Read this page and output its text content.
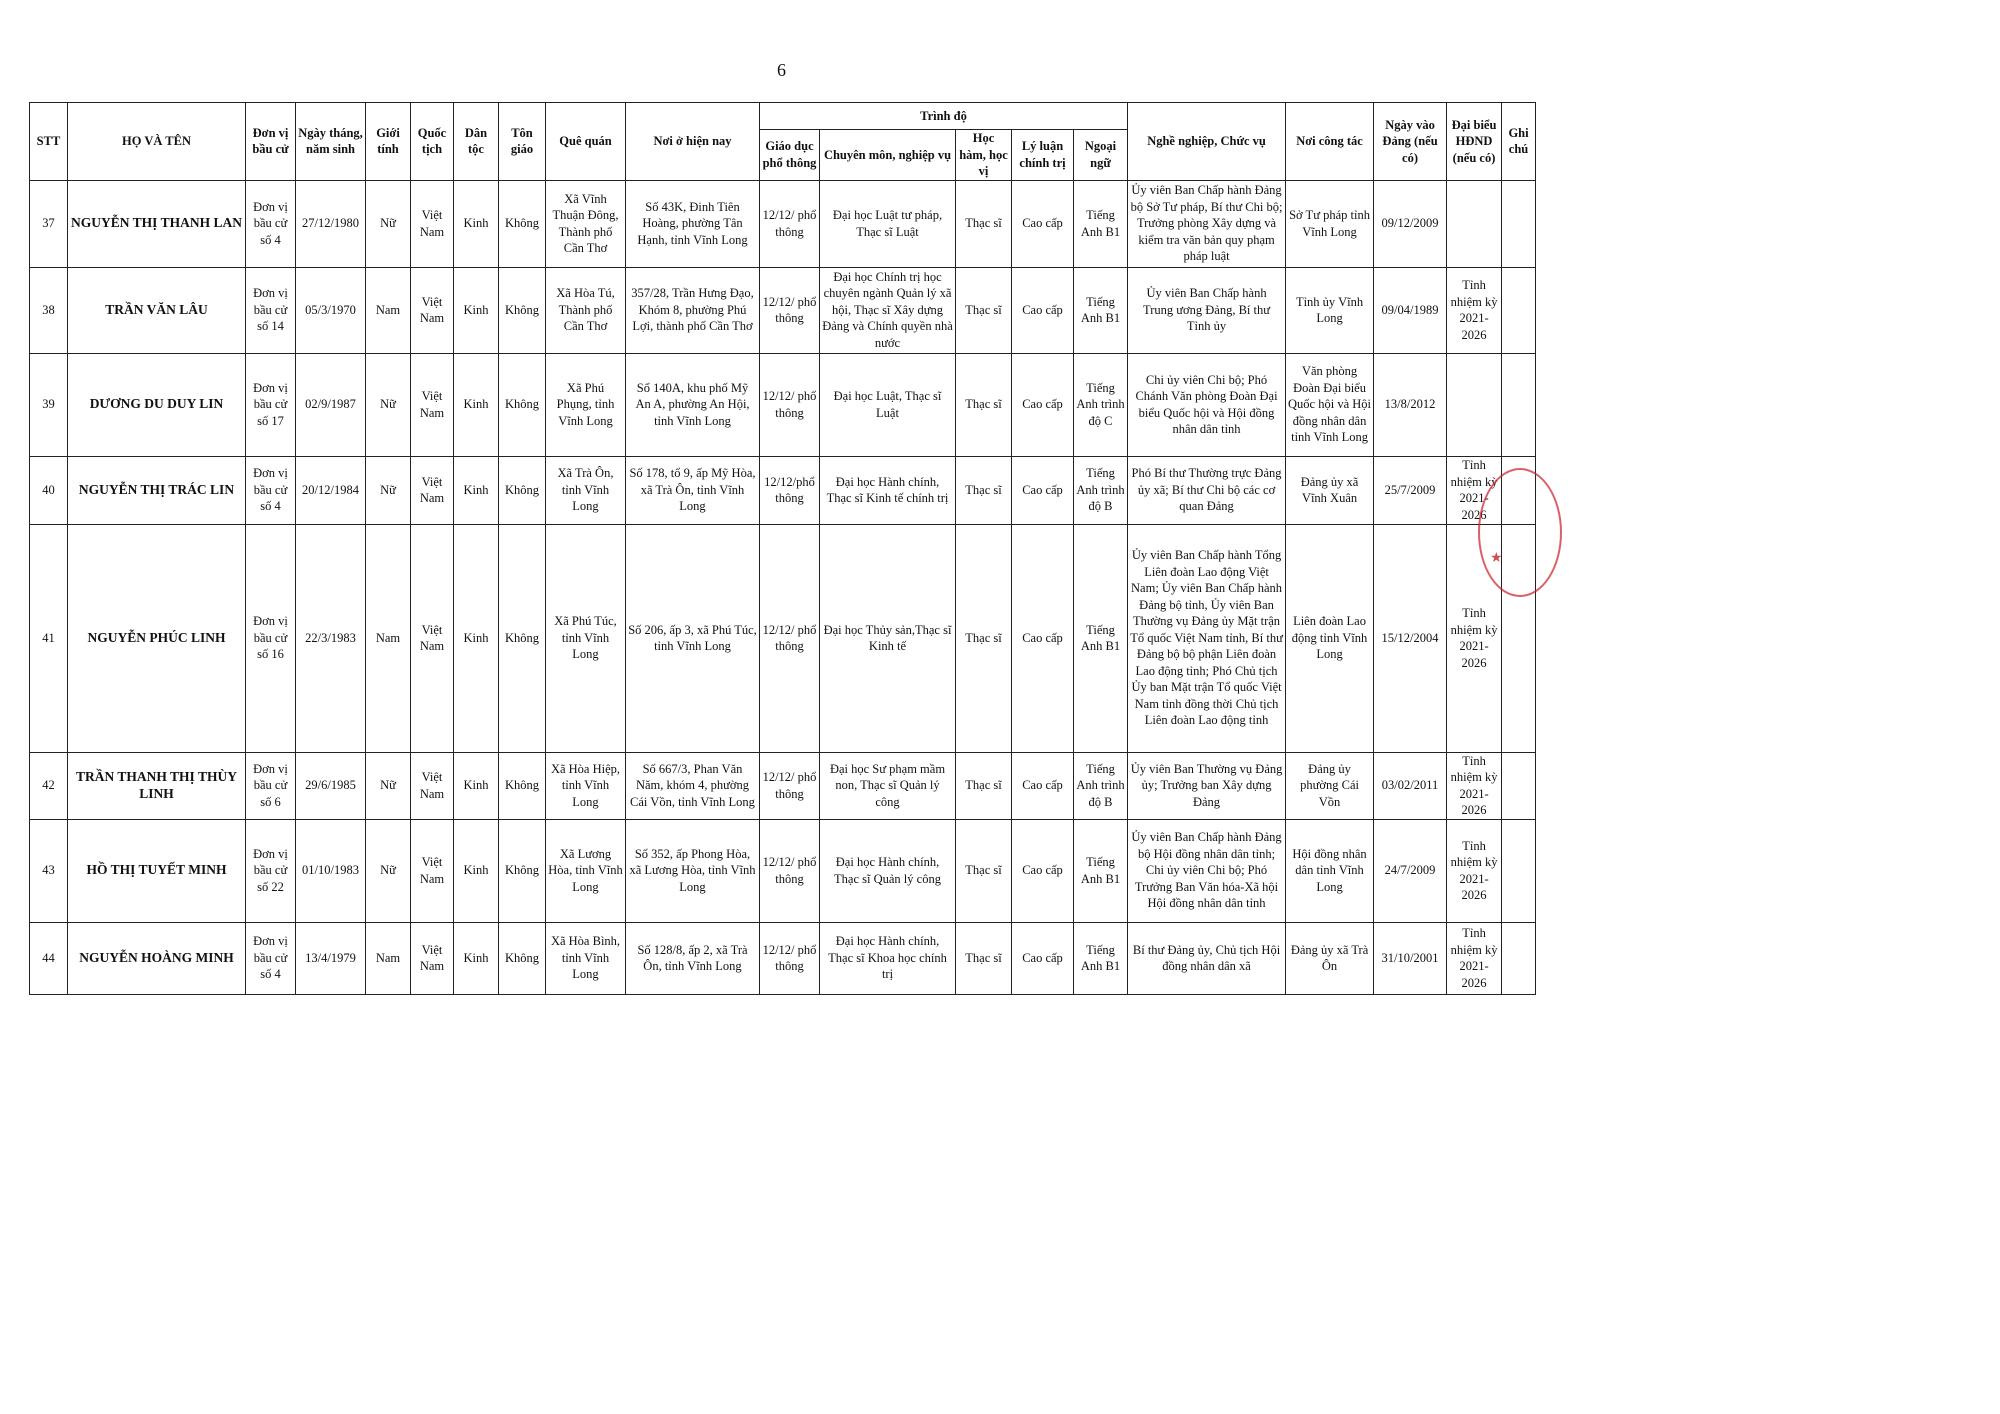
6
STT	HỌ VÀ TÊN	Đơn vị bầu cử	Ngày tháng, năm sinh	Giới tính	Quốc tịch	Dân tộc	Tôn giáo	Quê quán	Nơi ở hiện nay	Trình độ					Nghề nghiệp, Chức vụ	Nơi công tác	Ngày vào Đảng (nếu có)	Đại biểu HĐND (nếu có)	Ghi chú
										Giáo dục phổ thông	Chuyên môn, nghiệp vụ	Học hàm, học vị	Lý luận chính trị	Ngoại ngữ					
37	NGUYỄN THỊ THANH LAN	Đơn vị bầu cử số 4	27/12/1980	Nữ	Việt Nam	Kinh	Không	Xã Vĩnh Thuận Đông, Thành phố Cần Thơ	Số 43K, Đinh Tiên Hoàng, phường Tân Hạnh, tỉnh Vĩnh Long	12/12/ phổ thông	Đại học Luật tư pháp, Thạc sĩ Luật	Thạc sĩ	Cao cấp	Tiếng Anh B1	Ủy viên Ban Chấp hành Đảng bộ Sở Tư pháp, Bí thư Chi bộ; Trưởng phòng Xây dựng và kiểm tra văn bản quy phạm pháp luật	Sở Tư pháp tỉnh Vĩnh Long	09/12/2009		
38	TRẦN VĂN LÂU	Đơn vị bầu cử số 14	05/3/1970	Nam	Việt Nam	Kinh	Không	Xã Hòa Tú, Thành phố Cần Thơ	357/28, Trần Hưng Đạo, Khóm 8, phường Phú Lợi, thành phố Cần Thơ	12/12/ phổ thông	Đại học Chính trị học chuyên ngành Quản lý xã hội, Thạc sĩ Xây dựng Đảng và Chính quyền nhà nước	Thạc sĩ	Cao cấp	Tiếng Anh B1	Ủy viên Ban Chấp hành Trung ương Đảng, Bí thư Tỉnh ủy	Tỉnh ủy Vĩnh Long	09/04/1989	Tỉnh nhiệm kỳ 2021-2026	
39	DƯƠNG DU DUY LIN	Đơn vị bầu cử số 17	02/9/1987	Nữ	Việt Nam	Kinh	Không	Xã Phú Phụng, tỉnh Vĩnh Long	Số 140A, khu phố Mỹ An A, phường An Hội, tỉnh Vĩnh Long	12/12/ phổ thông	Đại học Luật, Thạc sĩ Luật	Thạc sĩ	Cao cấp	Tiếng Anh trình độ C	Chi ủy viên Chi bộ; Phó Chánh Văn phòng Đoàn Đại biểu Quốc hội và Hội đồng nhân dân tỉnh	Văn phòng Đoàn Đại biểu Quốc hội và Hội đồng nhân dân tỉnh Vĩnh Long	13/8/2012		
40	NGUYỄN THỊ TRÁC LIN	Đơn vị bầu cử số 4	20/12/1984	Nữ	Việt Nam	Kinh	Không	Xã Trà Ôn, tỉnh Vĩnh Long	Số 178, tổ 9, ấp Mỹ Hòa, xã Trà Ôn, tỉnh Vĩnh Long	12/12/phổ thông	Đại học Hành chính, Thạc sĩ Kinh tế chính trị	Thạc sĩ	Cao cấp	Tiếng Anh trình độ B	Phó Bí thư Thường trực Đảng ủy xã; Bí thư Chi bộ các cơ quan Đảng	Đảng ủy xã Vĩnh Xuân	25/7/2009	Tỉnh nhiệm kỳ 2021-2026	
41	NGUYỄN PHÚC LINH	Đơn vị bầu cử số 16	22/3/1983	Nam	Việt Nam	Kinh	Không	Xã Phú Túc, tỉnh Vĩnh Long	Số 206, ấp 3, xã Phú Túc, tỉnh Vĩnh Long	12/12/ phổ thông	Đại học Thủy sản,Thạc sĩ Kinh tế	Thạc sĩ	Cao cấp	Tiếng Anh B1	Ủy viên Ban Chấp hành Tổng Liên đoàn Lao động Việt Nam; Ủy viên Ban Chấp hành Đảng bộ tỉnh, Ủy viên Ban Thường vụ Đảng ủy Mặt trận Tổ quốc Việt Nam tỉnh, Bí thư Đảng bộ bộ phận Liên đoàn Lao động tỉnh; Phó Chủ tịch Ủy ban Mặt trận Tổ quốc Việt Nam tỉnh đồng thời Chủ tịch Liên đoàn Lao động tỉnh	Liên đoàn Lao động tỉnh Vĩnh Long	15/12/2004	Tỉnh nhiệm kỳ 2021-2026	
42	TRẦN THANH THỊ THÙY LINH	Đơn vị bầu cử số 6	29/6/1985	Nữ	Việt Nam	Kinh	Không	Xã Hòa Hiệp, tỉnh Vĩnh Long	Số 667/3, Phan Văn Năm, khóm 4, phường Cái Vồn, tỉnh Vĩnh Long	12/12/ phổ thông	Đại học Sư phạm mầm non, Thạc sĩ Quản lý công	Thạc sĩ	Cao cấp	Tiếng Anh trình độ B	Ủy viên Ban Thường vụ Đảng ủy; Trưởng ban Xây dựng Đảng	Đảng ủy phường Cái Vồn	03/02/2011	Tỉnh nhiệm kỳ 2021-2026	
43	HỒ THỊ TUYẾT MINH	Đơn vị bầu cử số 22	01/10/1983	Nữ	Việt Nam	Kinh	Không	Xã Lương Hòa, tỉnh Vĩnh Long	Số 352, ấp Phong Hòa, xã Lương Hòa, tỉnh Vĩnh Long	12/12/ phổ thông	Đại học Hành chính, Thạc sĩ Quản lý công	Thạc sĩ	Cao cấp	Tiếng Anh B1	Ủy viên Ban Chấp hành Đảng bộ Hội đồng nhân dân tỉnh; Chi ủy viên Chi bộ; Phó Trưởng Ban Văn hóa-Xã hội Hội đồng nhân dân tỉnh	Hội đồng nhân dân tỉnh Vĩnh Long	24/7/2009	Tỉnh nhiệm kỳ 2021-2026	
44	NGUYỄN HOÀNG MINH	Đơn vị bầu cử số 4	13/4/1979	Nam	Việt Nam	Kinh	Không	Xã Hòa Bình, tỉnh Vĩnh Long	Số 128/8, ấp 2, xã Trà Ôn, tỉnh Vĩnh Long	12/12/ phổ thông	Đại học Hành chính, Thạc sĩ Khoa học chính trị	Thạc sĩ	Cao cấp	Tiếng Anh B1	Bí thư Đảng ủy, Chủ tịch Hội đồng nhân dân xã	Đảng ủy xã Trà Ôn	31/10/2001	Tỉnh nhiệm kỳ 2021-2026	
★
